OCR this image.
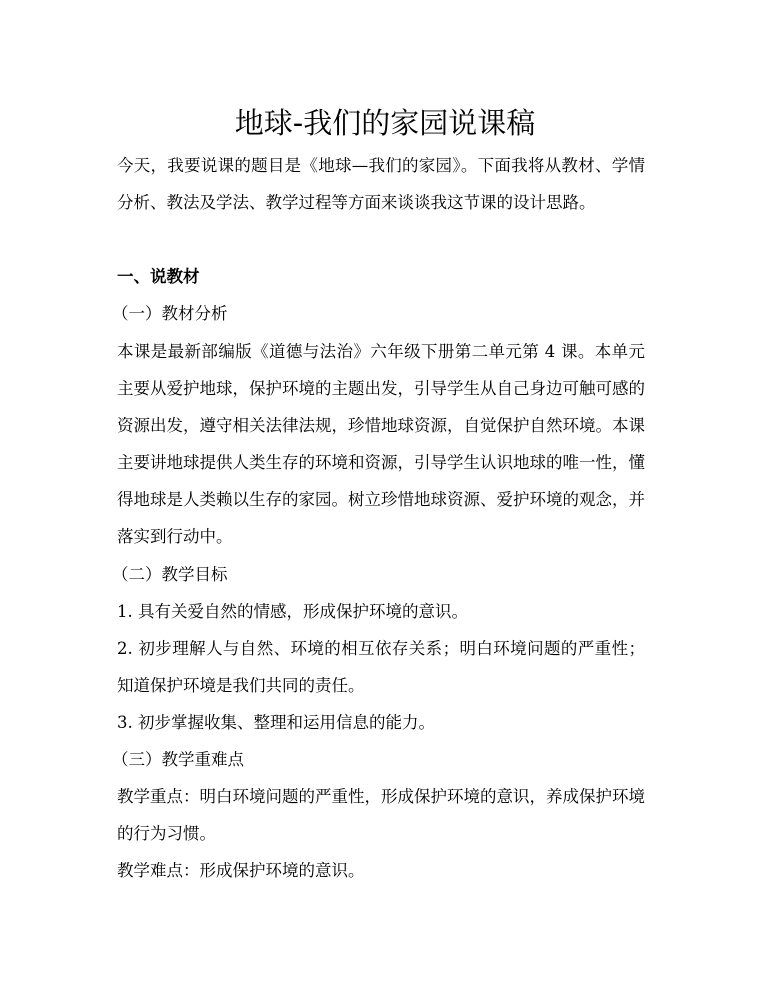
地球-我们的家园说课稿

今天，我要说课的题目是《地球—我们的家园》。下面我将从教材、学情分析、教法及学法、教学过程等方面来谈谈我这节课的设计思路。

一、说教材
（一）教材分析

本课是最新部编版《道德与法治》六年级下册第二单元第 4 课。本单元主要从爱护地球，保护环境的主题出发，引导学生从自己身边可触可感的资源出发，遵守相关法律法规，珍惜地球资源，自觉保护自然环境。本课主要讲地球提供人类生存的环境和资源，引导学生认识地球的唯一性，懂得地球是人类赖以生存的家园。树立珍惜地球资源、爱护环境的观念，并落实到行动中。

（二）教学目标
1. 具有关爱自然的情感，形成保护环境的意识。

2. 初步理解人与自然、环境的相互依存关系；明白环境问题的严重性；知道保护环境是我们共同的责任。

3. 初步掌握收集、整理和运用信息的能力。
（三）教学重难点

教学重点：明白环境问题的严重性，形成保护环境的意识，养成保护环境的行为习惯。

教学难点：形成保护环境的意识。
